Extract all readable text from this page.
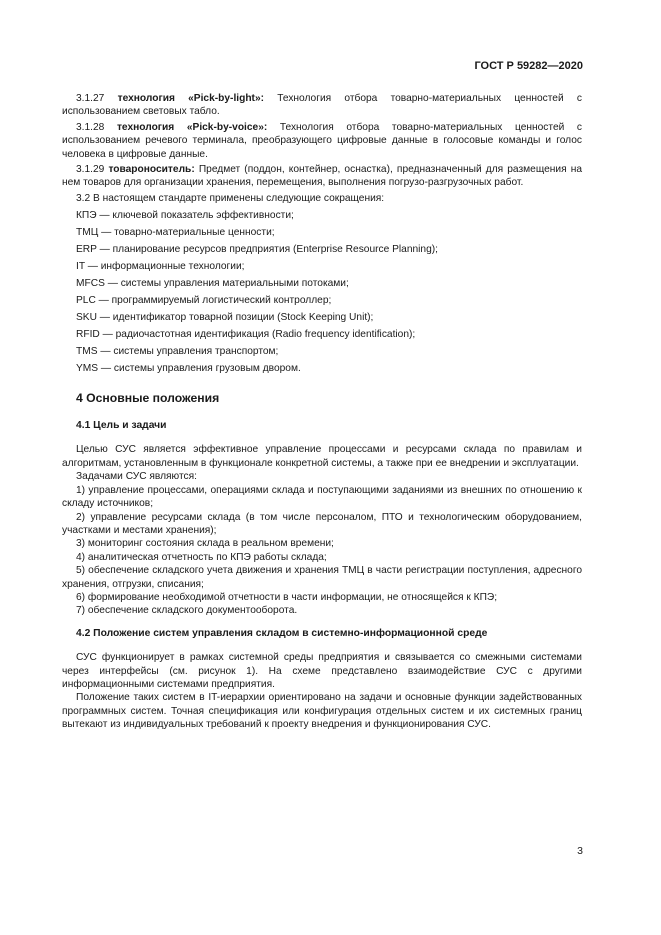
ГОСТ Р 59282—2020

3.1.27 технология «Pick-by-light»: Технология отбора товарно-материальных ценностей с использованием световых табло.

3.1.28 технология «Pick-by-voice»: Технология отбора товарно-материальных ценностей с использованием речевого терминала, преобразующего цифровые данные в голосовые команды и голос человека в цифровые данные.

3.1.29 товароноситель: Предмет (поддон, контейнер, оснастка), предназначенный для размещения на нем товаров для организации хранения, перемещения, выполнения погрузо-разгрузочных работ.

3.2 В настоящем стандарте применены следующие сокращения:

КПЭ — ключевой показатель эффективности;

ТМЦ — товарно-материальные ценности;

ERP — планирование ресурсов предприятия (Enterprise Resource Planning);

IT — информационные технологии;

MFCS — системы управления материальными потоками;

PLC — программируемый логистический контроллер;

SKU — идентификатор товарной позиции (Stock Keeping Unit);

RFID — радиочастотная идентификация (Radio frequency identification);

TMS — системы управления транспортом;

YMS — системы управления грузовым двором.

4 Основные положения
4.1 Цель и задачи

Целью СУС является эффективное управление процессами и ресурсами склада по правилам и алгоритмам, установленным в функционале конкретной системы, а также при ее внедрении и эксплуатации.

Задачами СУС являются:

1) управление процессами, операциями склада и поступающими заданиями из внешних по отношению к складу источников;

2) управление ресурсами склада (в том числе персоналом, ПТО и технологическим оборудованием, участками и местами хранения);

3) мониторинг состояния склада в реальном времени;

4) аналитическая отчетность по КПЭ работы склада;

5) обеспечение складского учета движения и хранения ТМЦ в части регистрации поступления, адресного хранения, отгрузки, списания;

6) формирование необходимой отчетности в части информации, не относящейся к КПЭ;

7) обеспечение складского документооборота.

4.2 Положение систем управления складом в системно-информационной среде

СУС функционирует в рамках системной среды предприятия и связывается со смежными системами через интерфейсы (см. рисунок 1). На схеме представлено взаимодействие СУС с другими информационными системами предприятия.

Положение таких систем в IT-иерархии ориентировано на задачи и основные функции задействованных программных систем. Точная спецификация или конфигурация отдельных систем и их системных границ вытекают из индивидуальных требований к проекту внедрения и функционирования СУС.

3
